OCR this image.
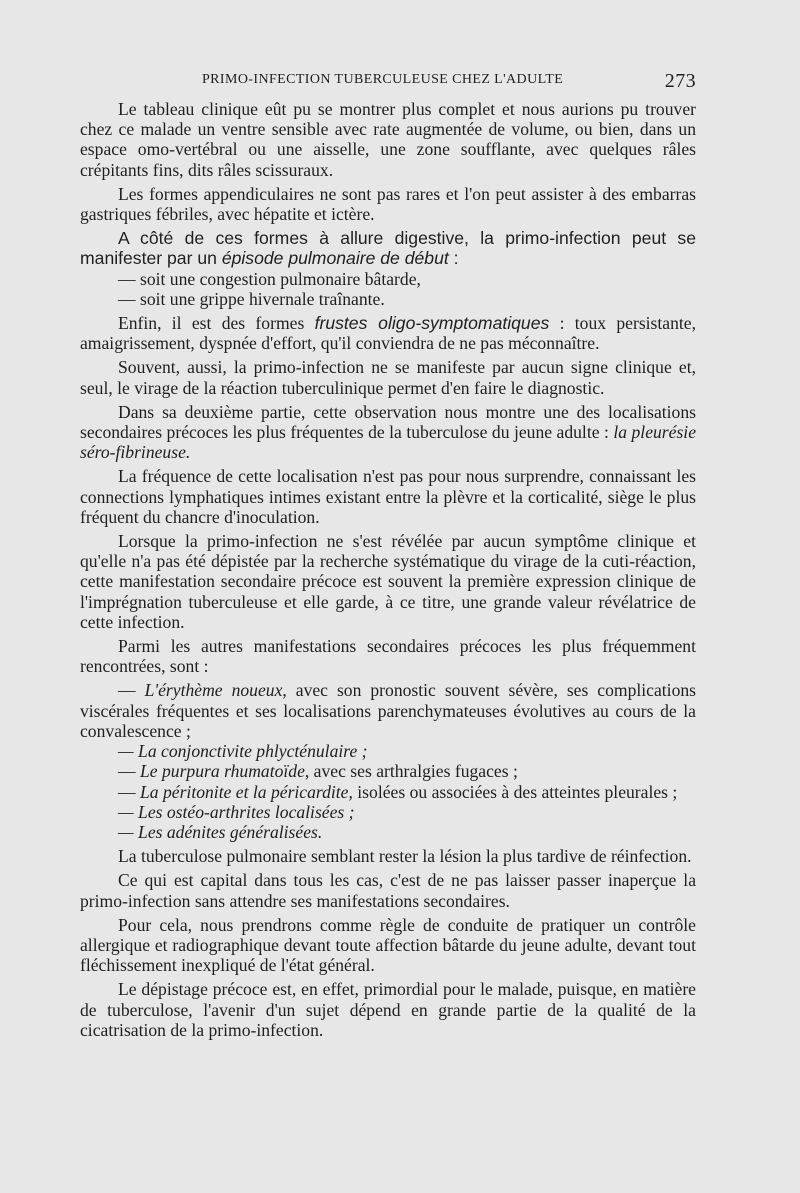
PRIMO-INFECTION TUBERCULEUSE CHEZ L'ADULTE	273

Le tableau clinique eût pu se montrer plus complet et nous aurions pu trouver chez ce malade un ventre sensible avec rate augmentée de volume, ou bien, dans un espace omo-vertébral ou une aisselle, une zone soufflante, avec quelques râles crépitants fins, dits râles scissuraux.

Les formes appendiculaires ne sont pas rares et l'on peut assister à des embarras gastriques fébriles, avec hépatite et ictère.

A côté de ces formes à allure digestive, la primo-infection peut se manifester par un épisode pulmonaire de début :

— soit une congestion pulmonaire bâtarde,

— soit une grippe hivernale traînante.

Enfin, il est des formes frustes oligo-symptomatiques : toux persistante, amaigrissement, dyspnée d'effort, qu'il conviendra de ne pas méconnaître.

Souvent, aussi, la primo-infection ne se manifeste par aucun signe clinique et, seul, le virage de la réaction tuberculinique permet d'en faire le diagnostic.

Dans sa deuxième partie, cette observation nous montre une des localisations secondaires précoces les plus fréquentes de la tuberculose du jeune adulte : la pleurésie séro-fibrineuse.

La fréquence de cette localisation n'est pas pour nous surprendre, connaissant les connections lymphatiques intimes existant entre la plèvre et la corticalité, siège le plus fréquent du chancre d'inoculation.

Lorsque la primo-infection ne s'est révélée par aucun symptôme clinique et qu'elle n'a pas été dépistée par la recherche systématique du virage de la cuti-réaction, cette manifestation secondaire précoce est souvent la première expression clinique de l'imprégnation tuberculeuse et elle garde, à ce titre, une grande valeur révélatrice de cette infection.

Parmi les autres manifestations secondaires précoces les plus fréquemment rencontrées, sont :

— L'érythème noueux, avec son pronostic souvent sévère, ses complications viscérales fréquentes et ses localisations parenchymateuses évolutives au cours de la convalescence ;

— La conjonctivite phlycténulaire ;

— Le purpura rhumatoïde, avec ses arthralgies fugaces ;

— La péritonite et la péricardite, isolées ou associées à des atteintes pleurales ;

— Les ostéo-arthrites localisées ;

— Les adénites généralisées.

La tuberculose pulmonaire semblant rester la lésion la plus tardive de réinfection.

Ce qui est capital dans tous les cas, c'est de ne pas laisser passer inaperçue la primo-infection sans attendre ses manifestations secondaires.

Pour cela, nous prendrons comme règle de conduite de pratiquer un contrôle allergique et radiographique devant toute affection bâtarde du jeune adulte, devant tout fléchissement inexpliqué de l'état général.

Le dépistage précoce est, en effet, primordial pour le malade, puisque, en matière de tuberculose, l'avenir d'un sujet dépend en grande partie de la qualité de la cicatrisation de la primo-infection.
